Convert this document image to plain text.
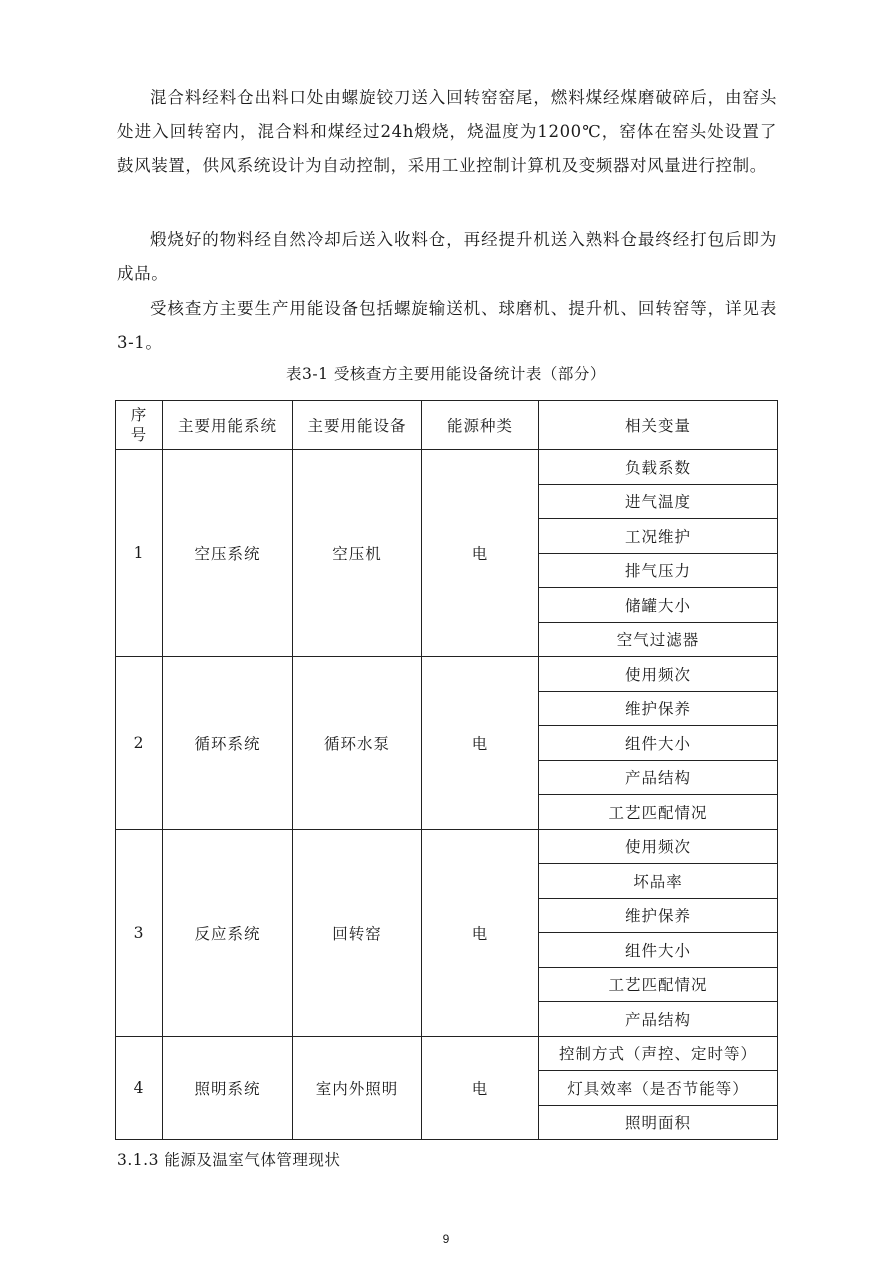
混合料经料仓出料口处由螺旋铰刀送入回转窑窑尾，燃料煤经煤磨破碎后，由窑头处进入回转窑内，混合料和煤经过24h煅烧，烧温度为1200℃，窑体在窑头处设置了鼓风装置，供风系统设计为自动控制，采用工业控制计算机及变频器对风量进行控制。

煅烧好的物料经自然冷却后送入收料仓，再经提升机送入熟料仓最终经打包后即为成品。

受核查方主要生产用能设备包括螺旋输送机、球磨机、提升机、回转窑等，详见表3-1。

表3-1 受核查方主要用能设备统计表（部分）
序号	主要用能系统	主要用能设备	能源种类	相关变量
1	空压系统	空压机	电	负载系数
				进气温度
				工况维护
				排气压力
				储罐大小
				空气过滤器
2	循环系统	循环水泵	电	使用频次
				维护保养
				组件大小
				产品结构
				工艺匹配情况
3	反应系统	回转窑	电	使用频次
				坏品率
				维护保养
				组件大小
				工艺匹配情况
				产品结构
4	照明系统	室内外照明	电	控制方式（声控、定时等）
				灯具效率（是否节能等）
				照明面积
3.1.3 能源及温室气体管理现状
9
